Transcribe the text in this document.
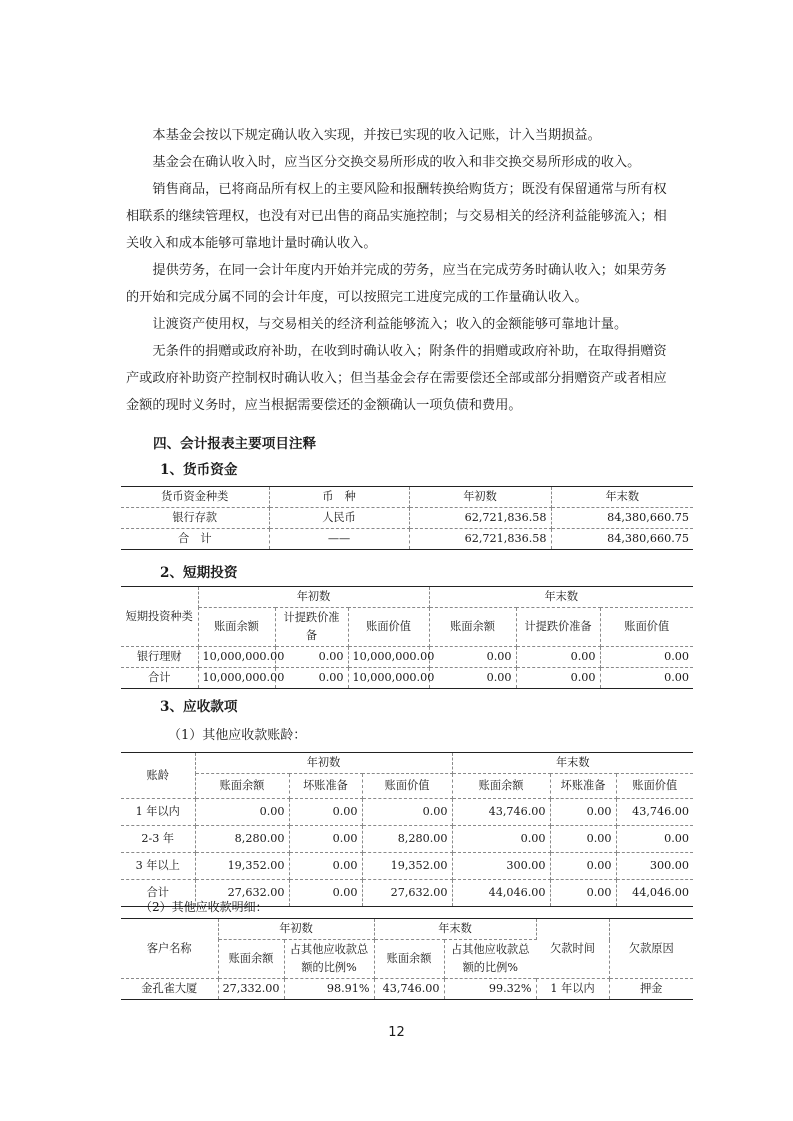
本基金会按以下规定确认收入实现，并按已实现的收入记账，计入当期损益。

基金会在确认收入时，应当区分交换交易所形成的收入和非交换交易所形成的收入。

销售商品，已将商品所有权上的主要风险和报酬转换给购货方；既没有保留通常与所有权相联系的继续管理权，也没有对已出售的商品实施控制；与交易相关的经济利益能够流入；相关收入和成本能够可靠地计量时确认收入。

提供劳务，在同一会计年度内开始并完成的劳务，应当在完成劳务时确认收入；如果劳务的开始和完成分属不同的会计年度，可以按照完工进度完成的工作量确认收入。

让渡资产使用权，与交易相关的经济利益能够流入；收入的金额能够可靠地计量。

无条件的捐赠或政府补助，在收到时确认收入；附条件的捐赠或政府补助，在取得捐赠资产或政府补助资产控制权时确认收入；但当基金会存在需要偿还全部或部分捐赠资产或者相应金额的现时义务时，应当根据需要偿还的金额确认一项负债和费用。

四、会计报表主要项目注释

1、货币资金

货币资金种类	币　种	年初数	年末数
银行存款	人民币	62,721,836.58	84,380,660.75
合　计	——	62,721,836.58	84,380,660.75

2、短期投资

短期投资种类	年初数			年末数		
	账面余额	计提跌价准备	账面价值	账面余额	计提跌价准备	账面价值
银行理财	10,000,000.00	0.00	10,000,000.00	0.00	0.00	0.00
合计	10,000,000.00	0.00	10,000,000.00	0.00	0.00	0.00

3、应收款项

（1）其他应收款账龄：

账龄	年初数			年末数		
	账面余额	坏账准备	账面价值	账面余额	坏账准备	账面价值
1 年以内	0.00	0.00	0.00	43,746.00	0.00	43,746.00
2-3 年	8,280.00	0.00	8,280.00	0.00	0.00	0.00
3 年以上	19,352.00	0.00	19,352.00	300.00	0.00	300.00
合计	27,632.00	0.00	27,632.00	44,046.00	0.00	44,046.00

（2）其他应收款明细：

客户名称	年初数		年末数		欠款时间	欠款原因
	账面余额	占其他应收款总额的比例%	账面余额	占其他应收款总额的比例%		
金孔雀大厦	27,332.00	98.91%	43,746.00	99.32%	1 年以内	押金
12
